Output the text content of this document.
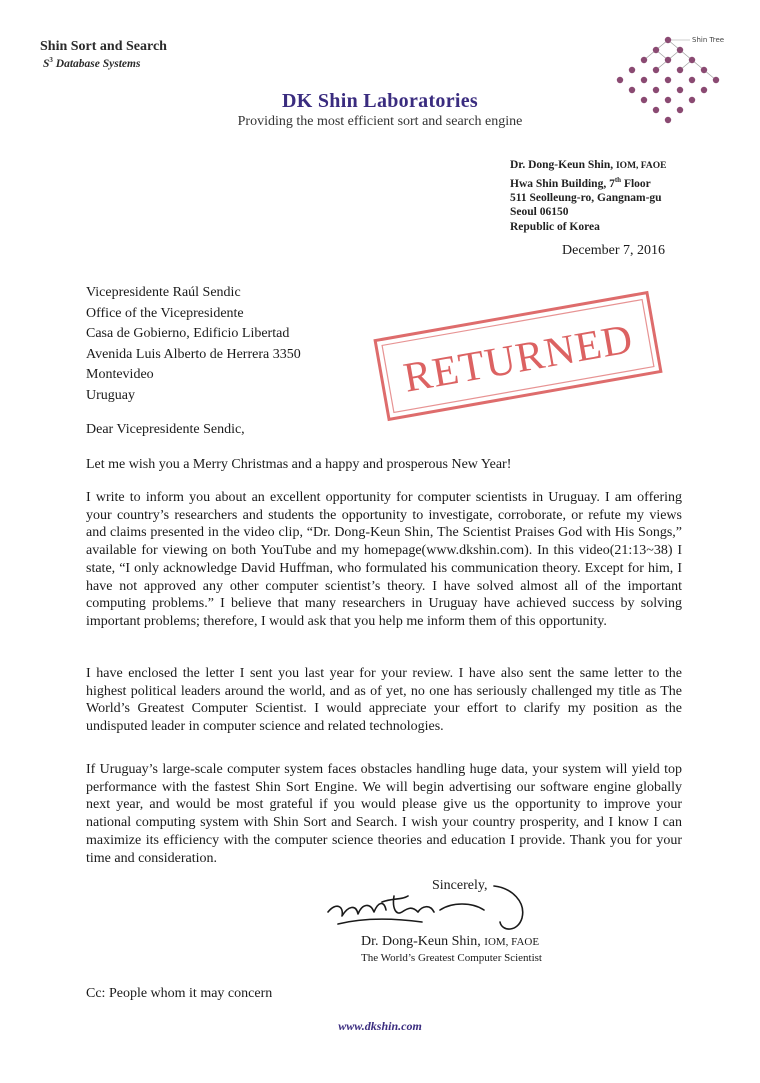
Shin Sort and Search
$S^3$ Database Systems
Shin Tree
DK Shin Laboratories
Providing the most efficient sort and search engine
Dr. Dong-Keun Shin, IOM, FAOE
Hwa Shin Building, 7th Floor
511 Seolleung-ro, Gangnam-gu
Seoul 06150
Republic of Korea
December 7, 2016
Vicepresidente Raúl Sendic
Office of the Vicepresidente
Casa de Gobierno, Edificio Libertad
Avenida Luis Alberto de Herrera 3350
Montevideo
Uruguay	RETURNED
Dear Vicepresidente Sendic,

Let me wish you a Merry Christmas and a happy and prosperous New Year!

I write to inform you about an excellent opportunity for computer scientists in Uruguay. I am offering your country’s researchers and students the opportunity to investigate, corroborate, or refute my views and claims presented in the video clip, “Dr. Dong-Keun Shin, The Scientist Praises God with His Songs,” available for viewing on both YouTube and my homepage(www.dkshin.com). In this video(21:13~38) I state, “I only acknowledge David Huffman, who formulated his communication theory. Except for him, I have not approved any other computer scientist’s theory. I have solved almost all of the important computing problems.” I believe that many researchers in Uruguay have achieved success by solving important problems; therefore, I would ask that you help me inform them of this opportunity.

I have enclosed the letter I sent you last year for your review. I have also sent the same letter to the highest political leaders around the world, and as of yet, no one has seriously challenged my title as The World’s Greatest Computer Scientist. I would appreciate your effort to clarify my position as the undisputed leader in computer science and related technologies.

If Uruguay’s large-scale computer system faces obstacles handling huge data, your system will yield top performance with the fastest Shin Sort Engine. We will begin advertising our software engine globally next year, and would be most grateful if you would please give us the opportunity to improve your national computing system with Shin Sort and Search. I wish your country prosperity, and I know I can maximize its efficiency with the computer science theories and education I provide. Thank you for your time and consideration.

Sincerely,
Dr. Dong-Keun Shin, IOM, FAOE
The World’s Greatest Computer Scientist
Cc: People whom it may concern
www.dkshin.com
